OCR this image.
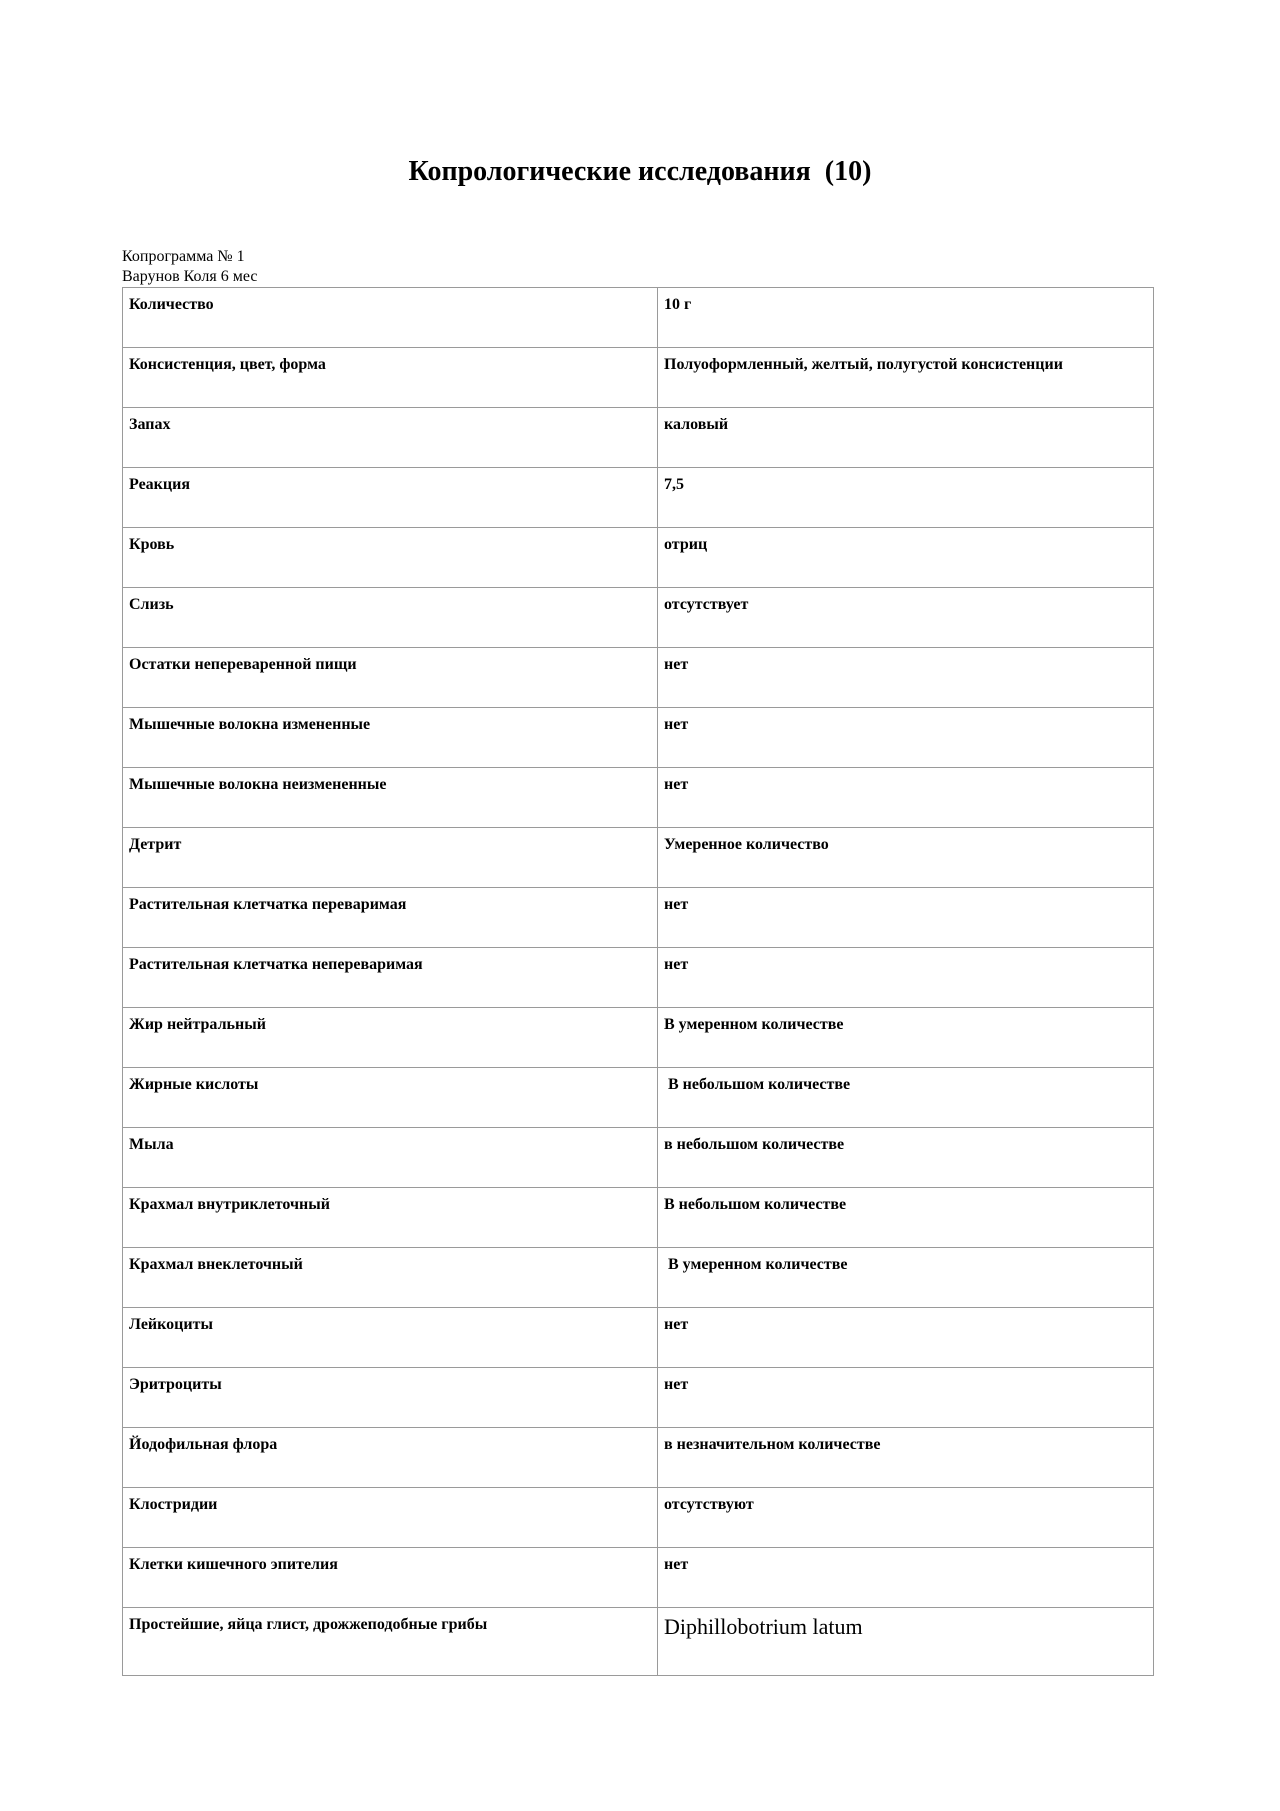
Копрологические исследования  (10)
Копрограмма № 1
Варунов Коля 6 мес
Количество	10 г
Консистенция, цвет, форма	Полуоформленный, желтый, полугустой консистенции
Запах	каловый
Реакция	7,5
Кровь	отриц
Слизь	отсутствует
Остатки непереваренной пищи	нет
Мышечные волокна измененные	нет
Мышечные волокна неизмененные	нет
Детрит	Умеренное количество
Растительная клетчатка переваримая	нет
Растительная клетчатка непереваримая	нет
Жир нейтральный	В умеренном количестве
Жирные кислоты	В небольшом количестве
Мыла	в небольшом количестве
Крахмал внутриклеточный	В небольшом количестве
Крахмал внеклеточный	В умеренном количестве
Лейкоциты	нет
Эритроциты	нет
Йодофильная флора	в незначительном количестве
Клостридии	отсутствуют
Клетки кишечного эпителия	нет
Простейшие, яйца глист, дрожжеподобные грибы	Diphillobotrium latum
